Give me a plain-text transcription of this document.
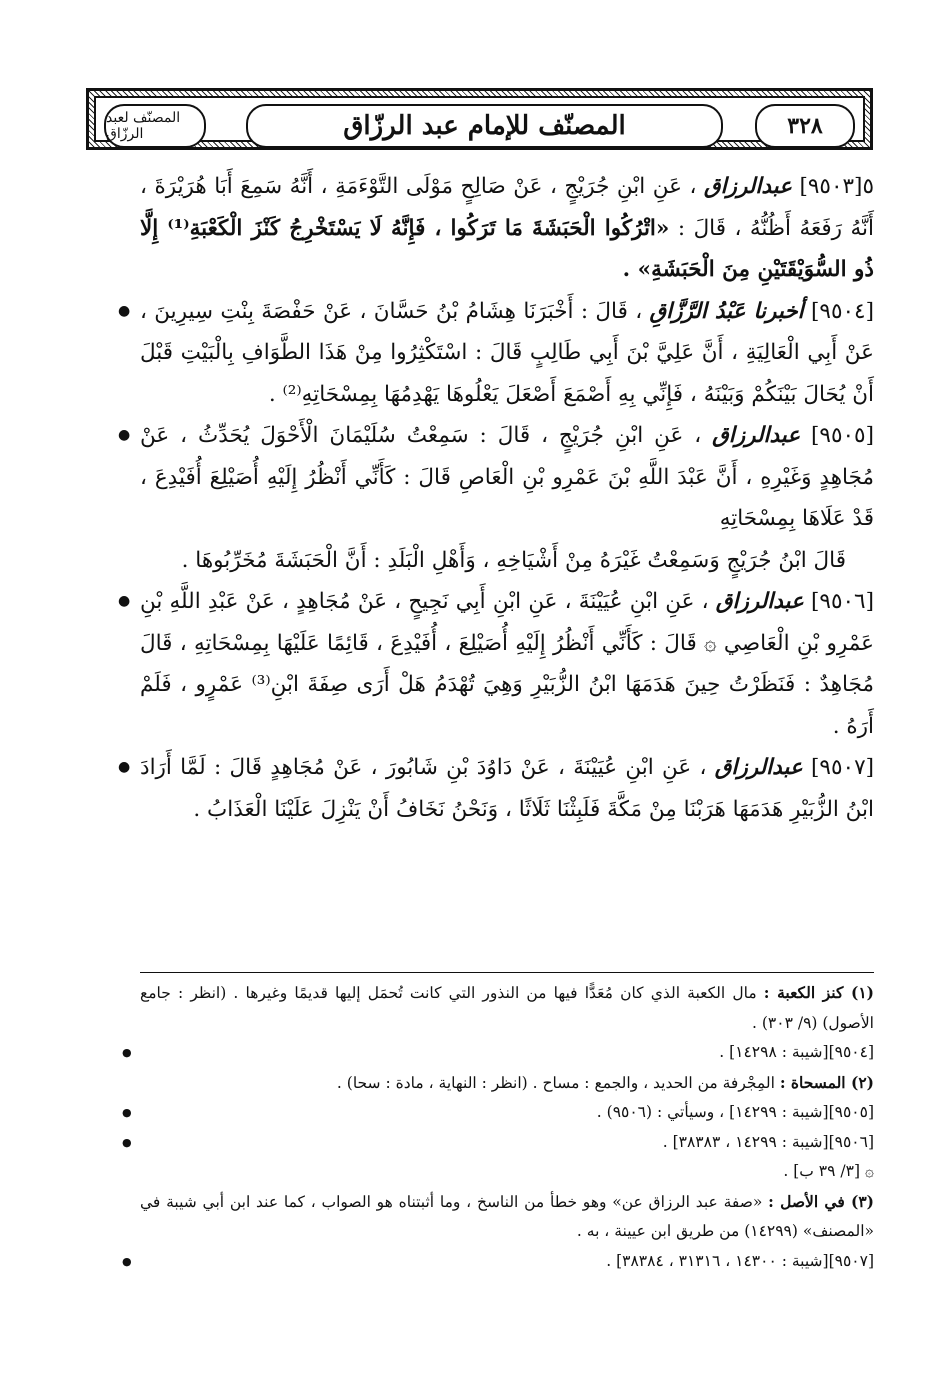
المصنّف لعبد الرزّاق	المصنّف للإمام عبد الرزّاق	٣٢٨

٥[٩٥٠٣] عبدالرزاق ، عَنِ ابْنِ جُرَيْجٍ ، عَنْ صَالِحٍ مَوْلَى التَّوْءَمَةِ ، أَنَّهُ سَمِعَ أَبَا هُرَيْرَةَ ، أَنَّهُ رَفَعَهُ أَظُنُّهُ ، قَالَ : «اتْرُكُوا الْحَبَشَةَ مَا تَرَكُوا ، فَإِنَّهُ لَا يَسْتَخْرِجُ كَنْزَ الْكَعْبَةِ⁽¹⁾ إِلَّا ذُو السُّوَيْقَتَيْنِ مِنَ الْحَبَشَةِ» .

●	[٩٥٠٤] أخبرنا عَبْدُ الرَّزَّاقِ ، قَالَ : أَخْبَرَنَا هِشَامُ بْنُ حَسَّانَ ، عَنْ حَفْصَةَ بِنْتِ سِيرِينَ ، عَنْ أَبِي الْعَالِيَةِ ، أَنَّ عَلِيَّ بْنَ أَبِي طَالِبٍ قَالَ : اسْتَكْثِرُوا مِنْ هَذَا الطَّوَافِ بِالْبَيْتِ قَبْلَ أَنْ يُحَالَ بَيْنَكُمْ وَبَيْنَهُ ، فَإِنِّي بِهِ أَصْمَعَ أَصْعَلَ يَعْلُوهَا يَهْدِمُهَا بِمِسْحَاتِهِ⁽²⁾ .

●	[٩٥٠٥] عبدالرزاق ، عَنِ ابْنِ جُرَيْجٍ ، قَالَ : سَمِعْتُ سُلَيْمَانَ الْأَحْوَلَ يُحَدِّثُ ، عَنْ مُجَاهِدٍ وَغَيْرِهِ ، أَنَّ عَبْدَ اللَّهِ بْنَ عَمْرِو بْنِ الْعَاصِ قَالَ : كَأَنِّي أَنْظُرُ إِلَيْهِ أُصَيْلِعَ أُفَيْدِعَ ، قَدْ عَلَاهَا بِمِسْحَاتِهِ

قَالَ ابْنُ جُرَيْجٍ وَسَمِعْتُ غَيْرَهُ مِنْ أَشْيَاخِهِ ، وَأَهْلِ الْبَلَدِ : أَنَّ الْحَبَشَةَ مُخَرِّبُوهَا .

●	[٩٥٠٦] عبدالرزاق ، عَنِ ابْنِ عُيَيْنَةَ ، عَنِ ابْنِ أَبِي نَجِيحٍ ، عَنْ مُجَاهِدٍ ، عَنْ عَبْدِ اللَّهِ بْنِ عَمْرِو بْنِ الْعَاصِي ۞ قَالَ : كَأَنِّي أَنْظُرُ إِلَيْهِ أُصَيْلِعَ ، أُفَيْدِعَ ، قَائِمًا عَلَيْهَا بِمِسْحَاتِهِ ، قَالَ مُجَاهِدٌ : فَنَظَرْتُ حِينَ هَدَمَهَا ابْنُ الزُّبَيْرِ وَهِيَ تُهْدَمُ هَلْ أَرَى صِفَةَ ابْنِ⁽³⁾ عَمْرٍو ، فَلَمْ أَرَهُ .

●	[٩٥٠٧] عبدالرزاق ، عَنِ ابْنِ عُيَيْنَةَ ، عَنْ دَاوُدَ بْنِ شَابُورَ ، عَنْ مُجَاهِدٍ قَالَ : لَمَّا أَرَادَ ابْنُ الزُّبَيْرِ هَدَمَهَا هَرَبْنَا مِنْ مَكَّةَ فَلَبِثْنَا ثَلَاثًا ، وَنَحْنُ نَخَافُ أَنْ يَنْزِلَ عَلَيْنَا الْعَذَابُ .

(١) كنز الكعبة : مال الكعبة الذي كان مُعَدًّا فيها من النذور التي كانت تُحمَل إليها قديمًا وغيرها . (انظر : جامع الأصول) (٩/ ٣٠٣) .

●	[٩٥٠٤][شيبة : ١٤٢٩٨] .

(٢) المسحاة : المِجْرفة من الحديد ، والجمع : مساح . (انظر : النهاية ، مادة : سحا) .

●	[٩٥٠٥][شيبة : ١٤٢٩٩] ، وسيأتي : (٩٥٠٦) .

●	[٩٥٠٦][شيبة : ١٤٢٩٩ ، ٣٨٣٨٣] .

۞ [٣/ ٣٩ ب] .

(٣) في الأصل : «صفة عبد الرزاق عن» وهو خطأ من الناسخ ، وما أثبتناه هو الصواب ، كما عند ابن أبي شيبة في «المصنف» (١٤٢٩٩) من طريق ابن عيينة ، به .

●	[٩٥٠٧][شيبة : ١٤٣٠٠ ، ٣١٣١٦ ، ٣٨٣٨٤] .
